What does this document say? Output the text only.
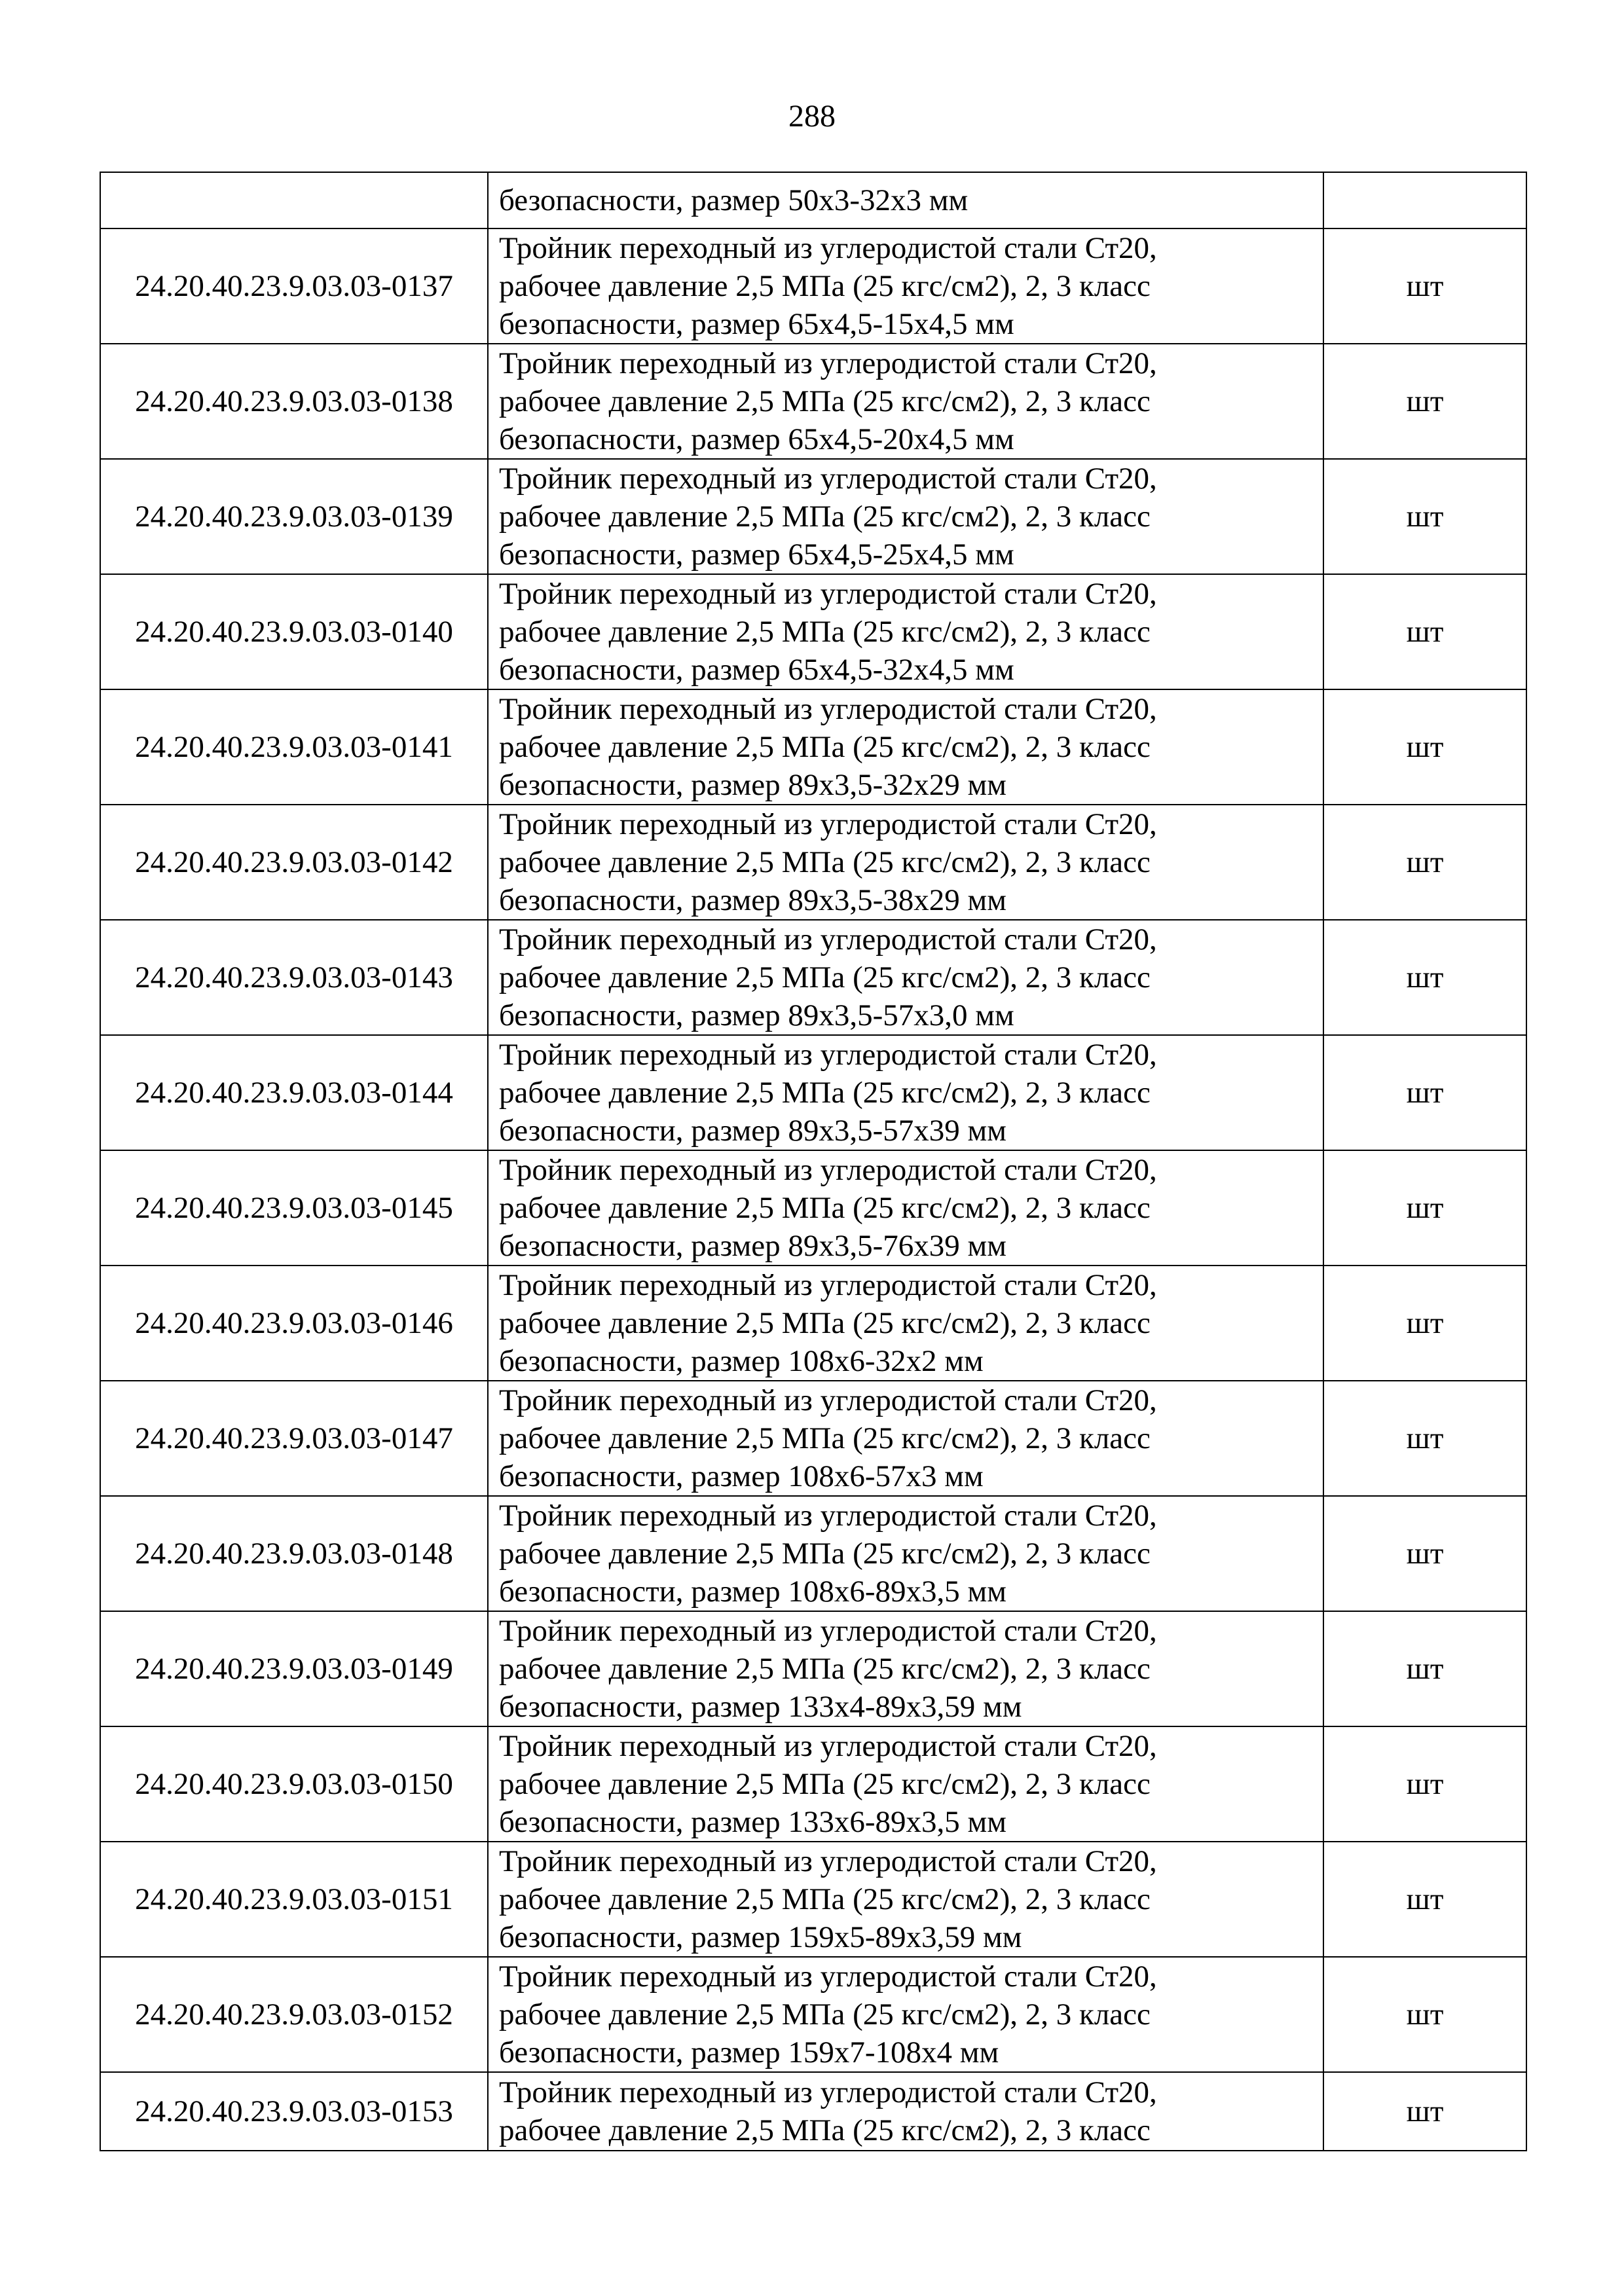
288

	безопасности, размер 50х3-32х3 мм	

24.20.40.23.9.03.03-0137	Тройник переходный из углеродистой стали Ст20,
рабочее давление 2,5 МПа (25 кгс/см2), 2, 3 класс
безопасности, размер 65х4,5-15х4,5 мм	шт
24.20.40.23.9.03.03-0138	Тройник переходный из углеродистой стали Ст20,
рабочее давление 2,5 МПа (25 кгс/см2), 2, 3 класс
безопасности, размер 65х4,5-20х4,5 мм	шт
24.20.40.23.9.03.03-0139	Тройник переходный из углеродистой стали Ст20,
рабочее давление 2,5 МПа (25 кгс/см2), 2, 3 класс
безопасности, размер 65х4,5-25х4,5 мм	шт
24.20.40.23.9.03.03-0140	Тройник переходный из углеродистой стали Ст20,
рабочее давление 2,5 МПа (25 кгс/см2), 2, 3 класс
безопасности, размер 65х4,5-32х4,5 мм	шт
24.20.40.23.9.03.03-0141	Тройник переходный из углеродистой стали Ст20,
рабочее давление 2,5 МПа (25 кгс/см2), 2, 3 класс
безопасности, размер 89х3,5-32х29 мм	шт
24.20.40.23.9.03.03-0142	Тройник переходный из углеродистой стали Ст20,
рабочее давление 2,5 МПа (25 кгс/см2), 2, 3 класс
безопасности, размер 89х3,5-38х29 мм	шт
24.20.40.23.9.03.03-0143	Тройник переходный из углеродистой стали Ст20,
рабочее давление 2,5 МПа (25 кгс/см2), 2, 3 класс
безопасности, размер 89х3,5-57х3,0 мм	шт
24.20.40.23.9.03.03-0144	Тройник переходный из углеродистой стали Ст20,
рабочее давление 2,5 МПа (25 кгс/см2), 2, 3 класс
безопасности, размер 89х3,5-57х39 мм	шт
24.20.40.23.9.03.03-0145	Тройник переходный из углеродистой стали Ст20,
рабочее давление 2,5 МПа (25 кгс/см2), 2, 3 класс
безопасности, размер 89х3,5-76х39 мм	шт
24.20.40.23.9.03.03-0146	Тройник переходный из углеродистой стали Ст20,
рабочее давление 2,5 МПа (25 кгс/см2), 2, 3 класс
безопасности, размер 108х6-32х2 мм	шт
24.20.40.23.9.03.03-0147	Тройник переходный из углеродистой стали Ст20,
рабочее давление 2,5 МПа (25 кгс/см2), 2, 3 класс
безопасности, размер 108х6-57х3 мм	шт
24.20.40.23.9.03.03-0148	Тройник переходный из углеродистой стали Ст20,
рабочее давление 2,5 МПа (25 кгс/см2), 2, 3 класс
безопасности, размер 108х6-89х3,5 мм	шт
24.20.40.23.9.03.03-0149	Тройник переходный из углеродистой стали Ст20,
рабочее давление 2,5 МПа (25 кгс/см2), 2, 3 класс
безопасности, размер 133х4-89х3,59 мм	шт
24.20.40.23.9.03.03-0150	Тройник переходный из углеродистой стали Ст20,
рабочее давление 2,5 МПа (25 кгс/см2), 2, 3 класс
безопасности, размер 133х6-89х3,5 мм	шт
24.20.40.23.9.03.03-0151	Тройник переходный из углеродистой стали Ст20,
рабочее давление 2,5 МПа (25 кгс/см2), 2, 3 класс
безопасности, размер 159х5-89х3,59 мм	шт
24.20.40.23.9.03.03-0152	Тройник переходный из углеродистой стали Ст20,
рабочее давление 2,5 МПа (25 кгс/см2), 2, 3 класс
безопасности, размер 159х7-108х4 мм	шт
24.20.40.23.9.03.03-0153	Тройник переходный из углеродистой стали Ст20,
рабочее давление 2,5 МПа (25 кгс/см2), 2, 3 класс	шт
